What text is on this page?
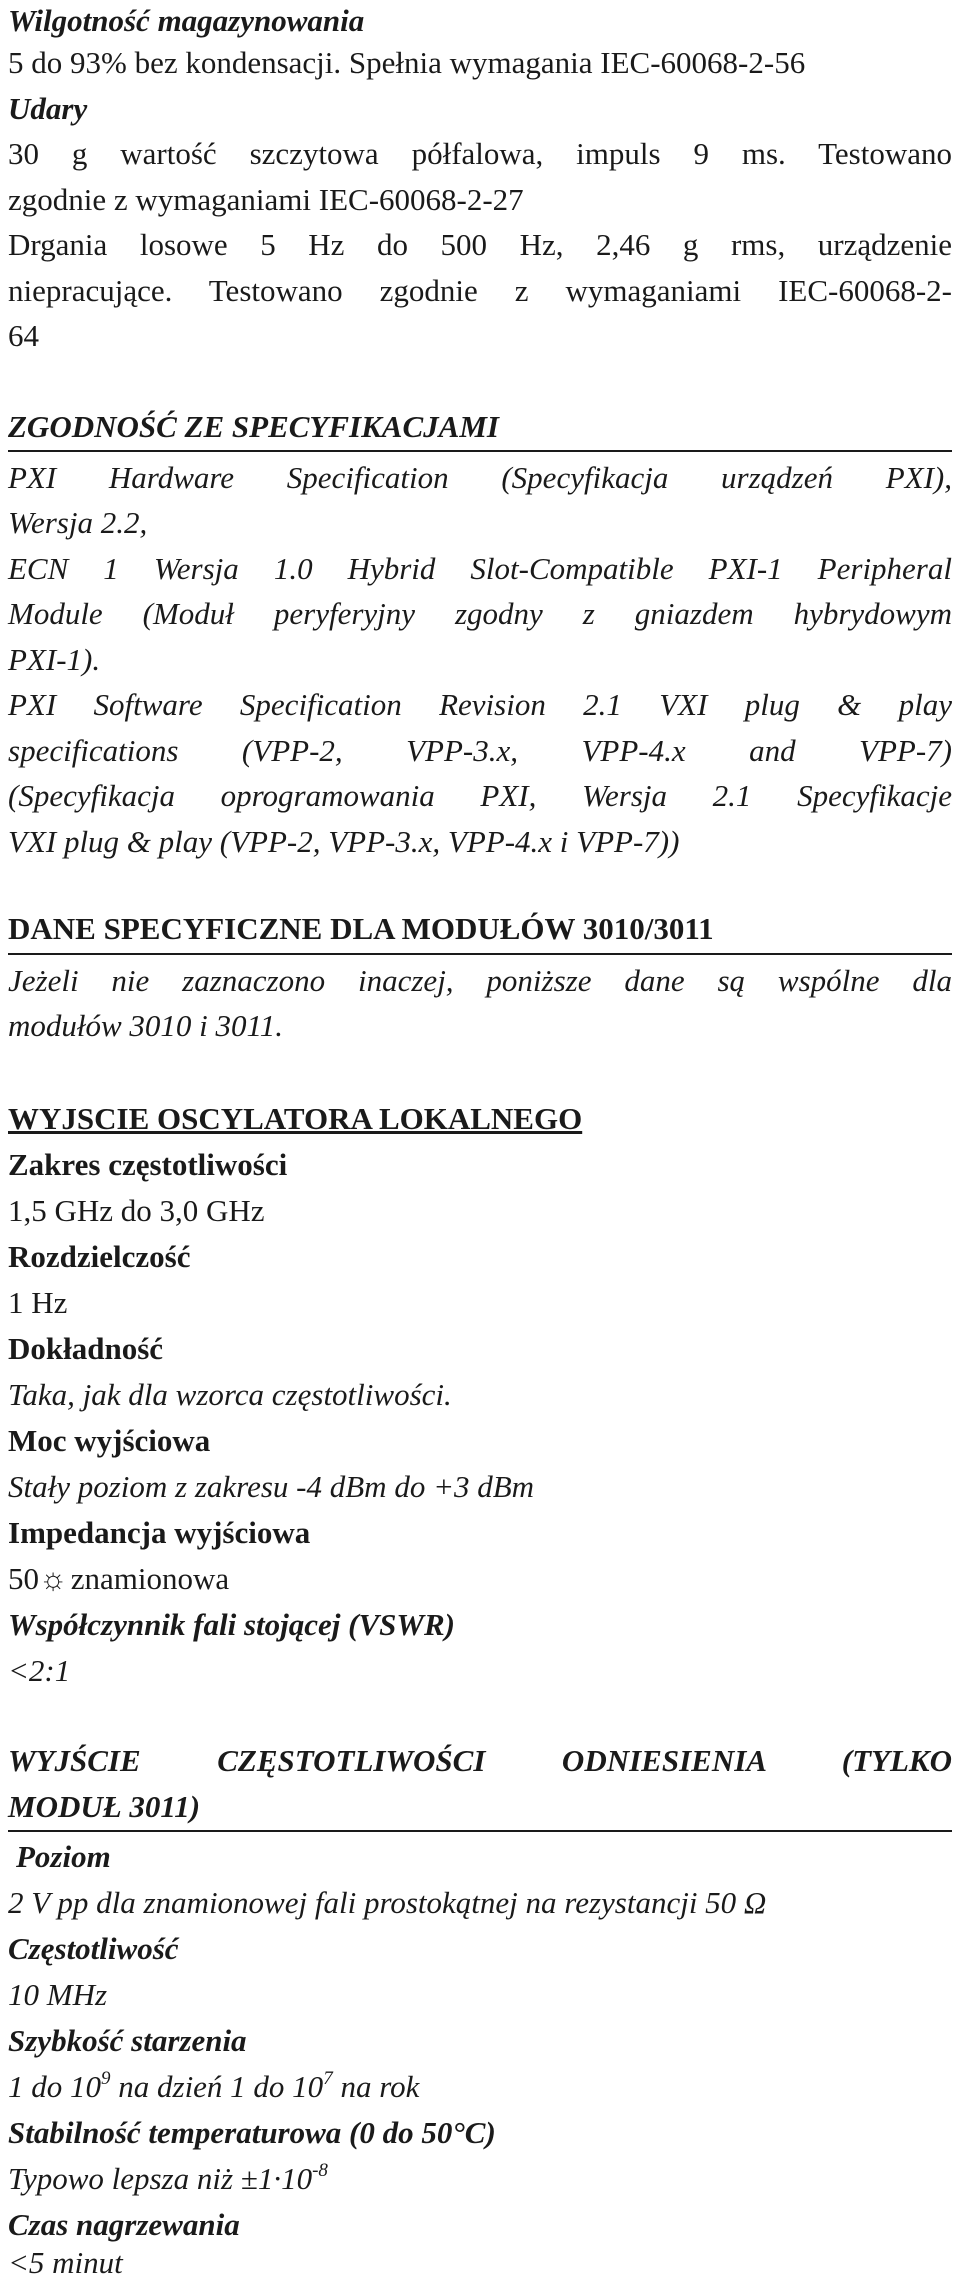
Wilgotność magazynowania
5 do 93% bez kondensacji. Spełnia wymagania IEC-60068-2-56
Udary
30 g wartość szczytowa półfalowa, impuls 9 ms. Testowano
zgodnie z wymaganiami IEC-60068-2-27
Drgania losowe 5 Hz do 500 Hz, 2,46 g rms, urządzenie
niepracujące. Testowano zgodnie z wymaganiami IEC-60068-2-
64
ZGODNOŚĆ ZE SPECYFIKACJAMI
PXI Hardware Specification (Specyfikacja urządzeń PXI),
Wersja 2.2,
ECN 1 Wersja 1.0 Hybrid Slot-Compatible PXI-1 Peripheral
Module (Moduł peryferyjny zgodny z gniazdem hybrydowym
PXI-1).
PXI Software Specification Revision 2.1 VXI plug & play
specifications (VPP-2, VPP-3.x, VPP-4.x and VPP-7)
(Specyfikacja oprogramowania PXI, Wersja 2.1 Specyfikacje
VXI plug & play (VPP-2, VPP-3.x, VPP-4.x i VPP-7))
DANE SPECYFICZNE DLA MODUŁÓW 3010/3011
Jeżeli nie zaznaczono inaczej, poniższe dane są wspólne dla
modułów 3010 i 3011.
WYJSCIE OSCYLATORA LOKALNEGO
Zakres częstotliwości
1,5 GHz do 3,0 GHz
Rozdzielczość
1 Hz
Dokładność
Taka, jak dla wzorca częstotliwości.
Moc wyjściowa
Stały poziom z zakresu -4 dBm do +3 dBm
Impedancja wyjściowa
50☼ znamionowa
Współczynnik fali stojącej (VSWR)
<2:1
WYJŚCIE CZĘSTOTLIWOŚCI ODNIESIENIA (TYLKO
MODUŁ 3011)
Poziom
2 V pp dla znamionowej fali prostokątnej na rezystancji 50 Ω
Częstotliwość
10 MHz
Szybkość starzenia
1 do $10^9$ na dzień 1 do $10^7$ na rok
Stabilność temperaturowa (0 do 50°C)
Typowo lepsza niż $\pm 1\cdot 10^{-8}$
Czas nagrzewania
<5 minut
